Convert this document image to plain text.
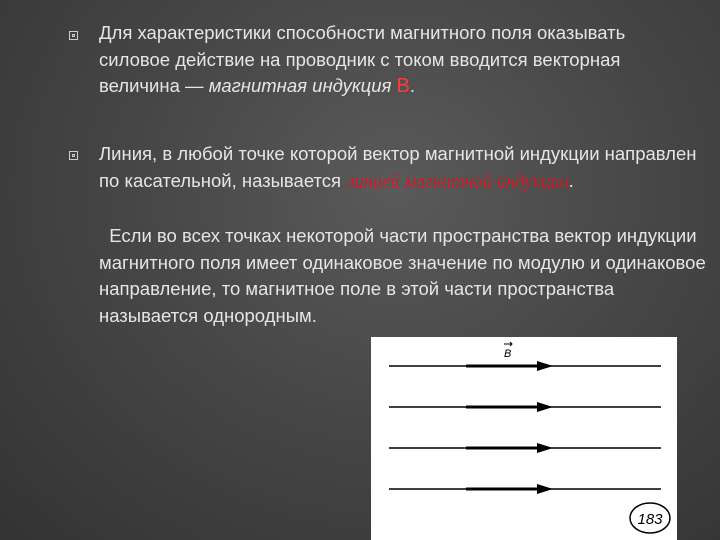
Для характеристики способности магнитного поля оказывать силовое действие на проводник с током вводится векторная величина — магнитная индукция В.
Линия, в любой точке которой вектор магнитной индукции направлен по касательной, называется линией магнитной индукции.
Если во всех точках некоторой части пространства вектор индукции магнитного поля имеет одинаковое значение по модулю и одинаковое направление, то магнитное поле в этой части пространства называется однородным.
B
183
